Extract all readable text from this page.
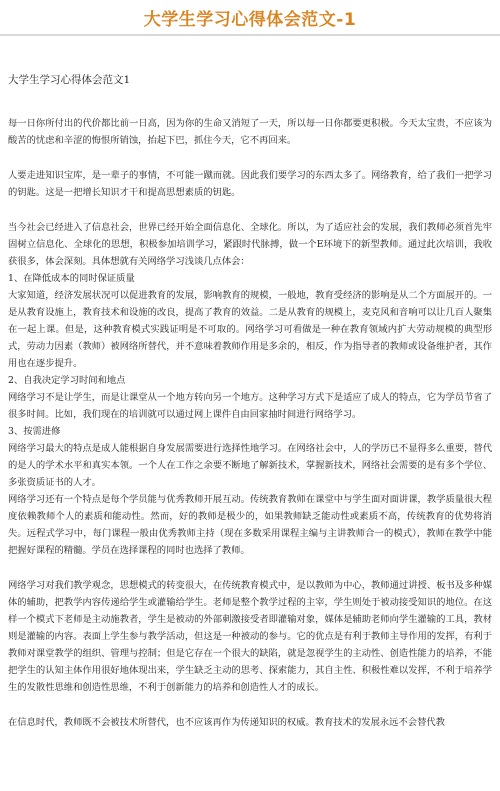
大学生学习心得体会范文-1
大学生学习心得体会范文1

每一日你所付出的代价都比前一日高，因为你的生命又消短了一天，所以每一日你都要更积极。今天太宝贵，不应该为酸苦的忧虑和辛涩的悔恨所销蚀，抬起下巴，抓住今天，它不再回来。

人要走进知识宝库，是一辈子的事情，不可能一蹴而就。因此我们要学习的东西太多了。网络教育，给了我们一把学习的钥匙。这是一把增长知识才干和提高思想素质的钥匙。

当今社会已经进入了信息社会，世界已经开始全面信息化、全球化。所以，为了适应社会的发展，我们教师必须首先牢固树立信息化、全球化的思想，积极参加培训学习，紧跟时代脉搏，做一个E环境下的新型教师。通过此次培训，我收获很多，体会深刻。具体想就有关网络学习浅谈几点体会：

1、在降低成本的同时保证质量

大家知道，经济发展状况可以促进教育的发展，影响教育的规模，一般地，教育受经济的影响是从二个方面展开的。一是从教育设施上，教育技术和设施的改良，提高了教育的效益。二是从教育的规模上，麦克风和音响可以让几百人聚集在一起上课。但是，这种教育模式实践证明是不可取的。网络学习可看做是一种在教育领域内扩大劳动规模的典型形式，劳动力因素（教师）被网络所替代，并不意味着教师作用是多余的，相反，作为指导者的教师或设备维护者，其作用也在逐步提升。

2、自我决定学习时间和地点

网络学习不是让学生，而是让课堂从一个地方转向另一个地方。这种学习方式下是适应了成人的特点，它为学员节省了很多时间。比如，我们现在的培训就可以通过网上课件自由回家抽时间进行网络学习。

3、按需进修

网络学习最大的特点是成人能根据自身发展需要进行选择性地学习。在网络社会中，人的学历已不显得多么重要，替代的是人的学术水平和真实本领。一个人在工作之余要不断地了解新技术，掌握新技术，网络社会需要的是有多个学位、多张资质证书的人才。

网络学习还有一个特点是每个学员能与优秀教师开展互动。传统教育教师在课堂中与学生面对面讲课，教学质量很大程度依赖教师个人的素质和能动性。然而，好的教师是极少的，如果教师缺乏能动性或素质不高，传统教育的优势将消失。远程式学习中，每门课程一般由优秀教师主持（现在多数采用课程主编与主讲教师合一的模式），教师在教学中能把握好课程的精髓。学员在选择课程的同时也选择了教师。

网络学习对我们教学观念，思想模式的转变很大，在传统教育模式中，是以教师为中心，教师通过讲授、板书及多种媒体的辅助，把教学内容传递给学生或灌输给学生。老师是整个教学过程的主宰，学生则处于被动接受知识的地位。在这样一个模式下老师是主动施教者，学生是被动的外部刺激接受者即灌输对象，媒体是辅助老师向学生灌输的工具，教材则是灌输的内容。表面上学生参与教学活动，但这是一种被动的参与。它的优点是有利于教师主导作用的发挥，有利于教师对课堂教学的组织、管理与控制；但是它存在一个很大的缺陷，就是忽视学生的主动性、创造性能力的培养，不能把学生的认知主体作用很好地体现出来，学生缺乏主动的思考、探索能力，其自主性、积极性难以发挥，不利于培养学生的发散性思维和创造性思维，不利于创新能力的培养和创造性人才的成长。

在信息时代，教师既不会被技术所替代，也不应该再作为传递知识的权威。教育技术的发展永远不会替代教
